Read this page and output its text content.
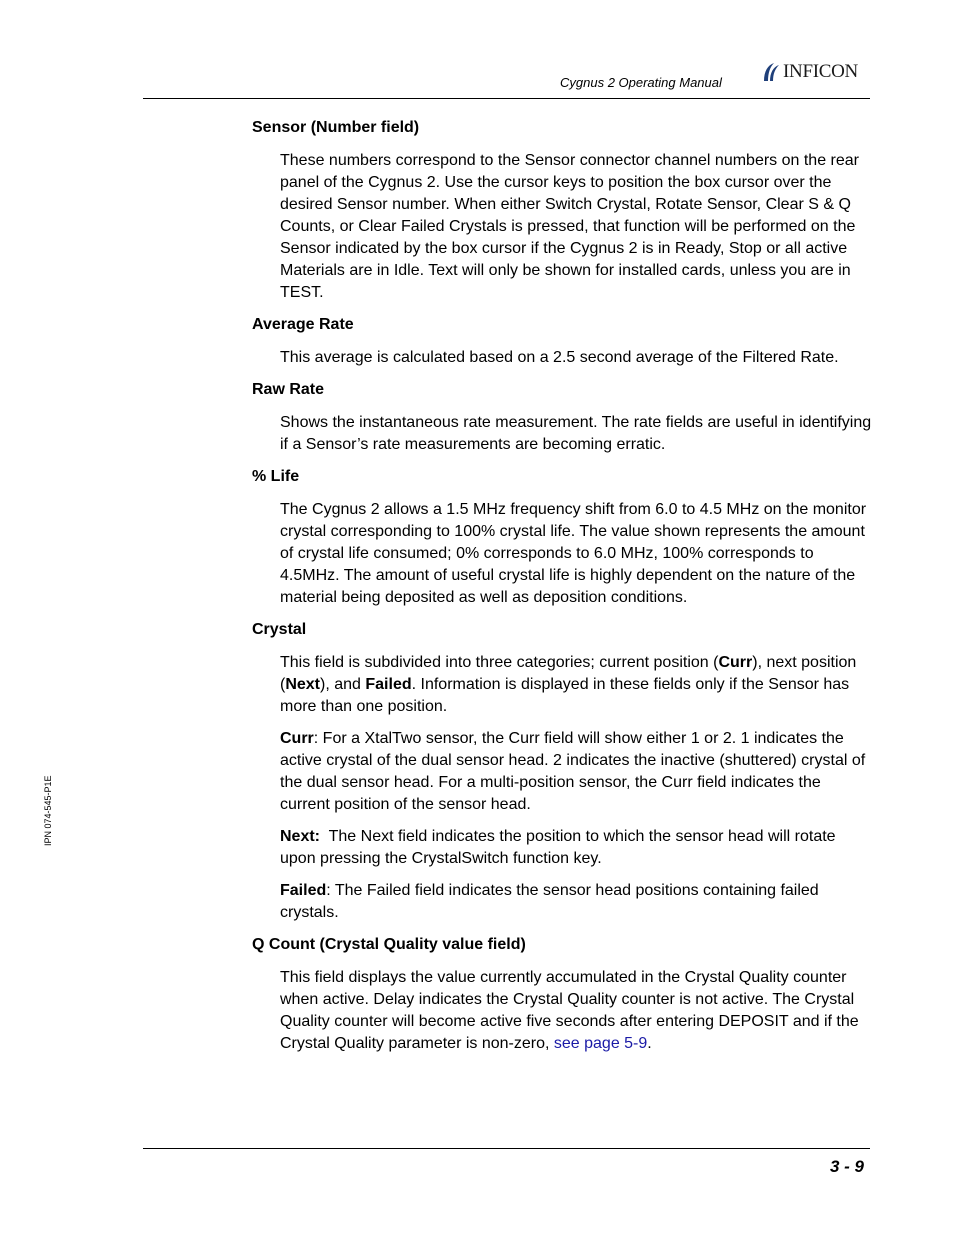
Cygnus 2 Operating Manual
INFICON
IPN 074-545-P1E
Sensor (Number field)

These numbers correspond to the Sensor connector channel numbers on the rear panel of the Cygnus 2. Use the cursor keys to position the box cursor over the desired Sensor number. When either Switch Crystal, Rotate Sensor, Clear S & Q Counts, or Clear Failed Crystals is pressed, that function will be performed on the Sensor indicated by the box cursor if the Cygnus 2 is in Ready, Stop or all active Materials are in Idle. Text will only be shown for installed cards, unless you are in TEST.

Average Rate

This average is calculated based on a 2.5 second average of the Filtered Rate.

Raw Rate

Shows the instantaneous rate measurement. The rate fields are useful in identifying if a Sensor’s rate measurements are becoming erratic.

% Life

The Cygnus 2 allows a 1.5 MHz frequency shift from 6.0 to 4.5 MHz on the monitor crystal corresponding to 100% crystal life. The value shown represents the amount of crystal life consumed; 0% corresponds to 6.0 MHz, 100% corresponds to 4.5MHz. The amount of useful crystal life is highly dependent on the nature of the material being deposited as well as deposition conditions.

Crystal

This field is subdivided into three categories; current position (Curr), next position (Next), and Failed. Information is displayed in these fields only if the Sensor has more than one position.

Curr: For a XtalTwo sensor, the Curr field will show either 1 or 2. 1 indicates the active crystal of the dual sensor head. 2 indicates the inactive (shuttered) crystal of the dual sensor head. For a multi-position sensor, the Curr field indicates the current position of the sensor head.

Next:  The Next field indicates the position to which the sensor head will rotate upon pressing the CrystalSwitch function key.

Failed: The Failed field indicates the sensor head positions containing failed crystals.

Q Count (Crystal Quality value field)

This field displays the value currently accumulated in the Crystal Quality counter when active. Delay indicates the Crystal Quality counter is not active. The Crystal Quality counter will become active five seconds after entering DEPOSIT and if the Crystal Quality parameter is non-zero, see page 5-9.

3 - 9
